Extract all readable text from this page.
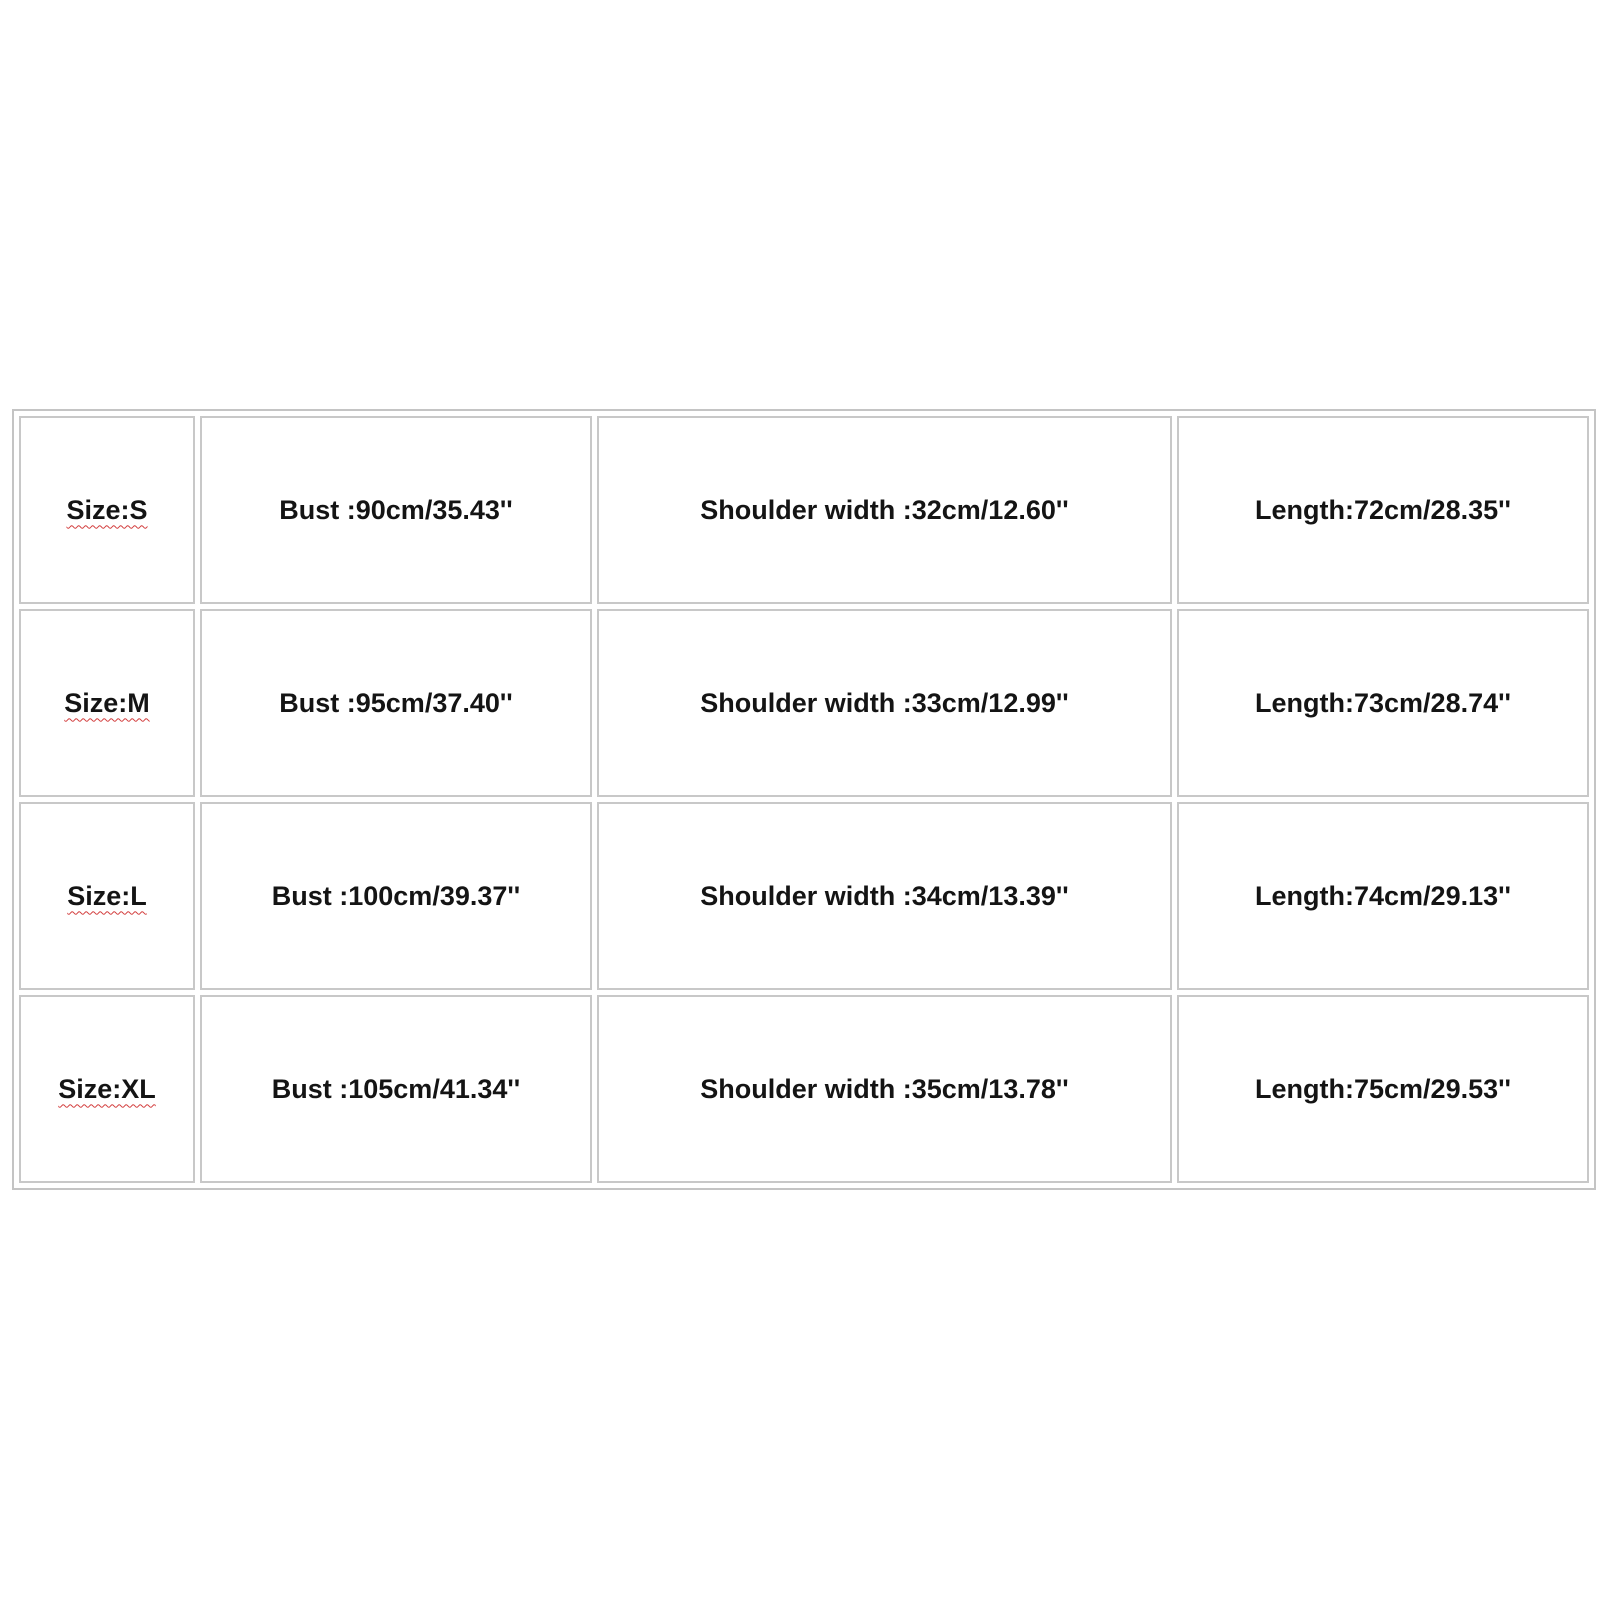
Size:S	Bust :90cm/35.43''	Shoulder width :32cm/12.60''	Length:72cm/28.35''
Size:M	Bust :95cm/37.40''	Shoulder width :33cm/12.99''	Length:73cm/28.74''
Size:L	Bust :100cm/39.37''	Shoulder width :34cm/13.39''	Length:74cm/29.13''
Size:XL	Bust :105cm/41.34''	Shoulder width :35cm/13.78''	Length:75cm/29.53''
